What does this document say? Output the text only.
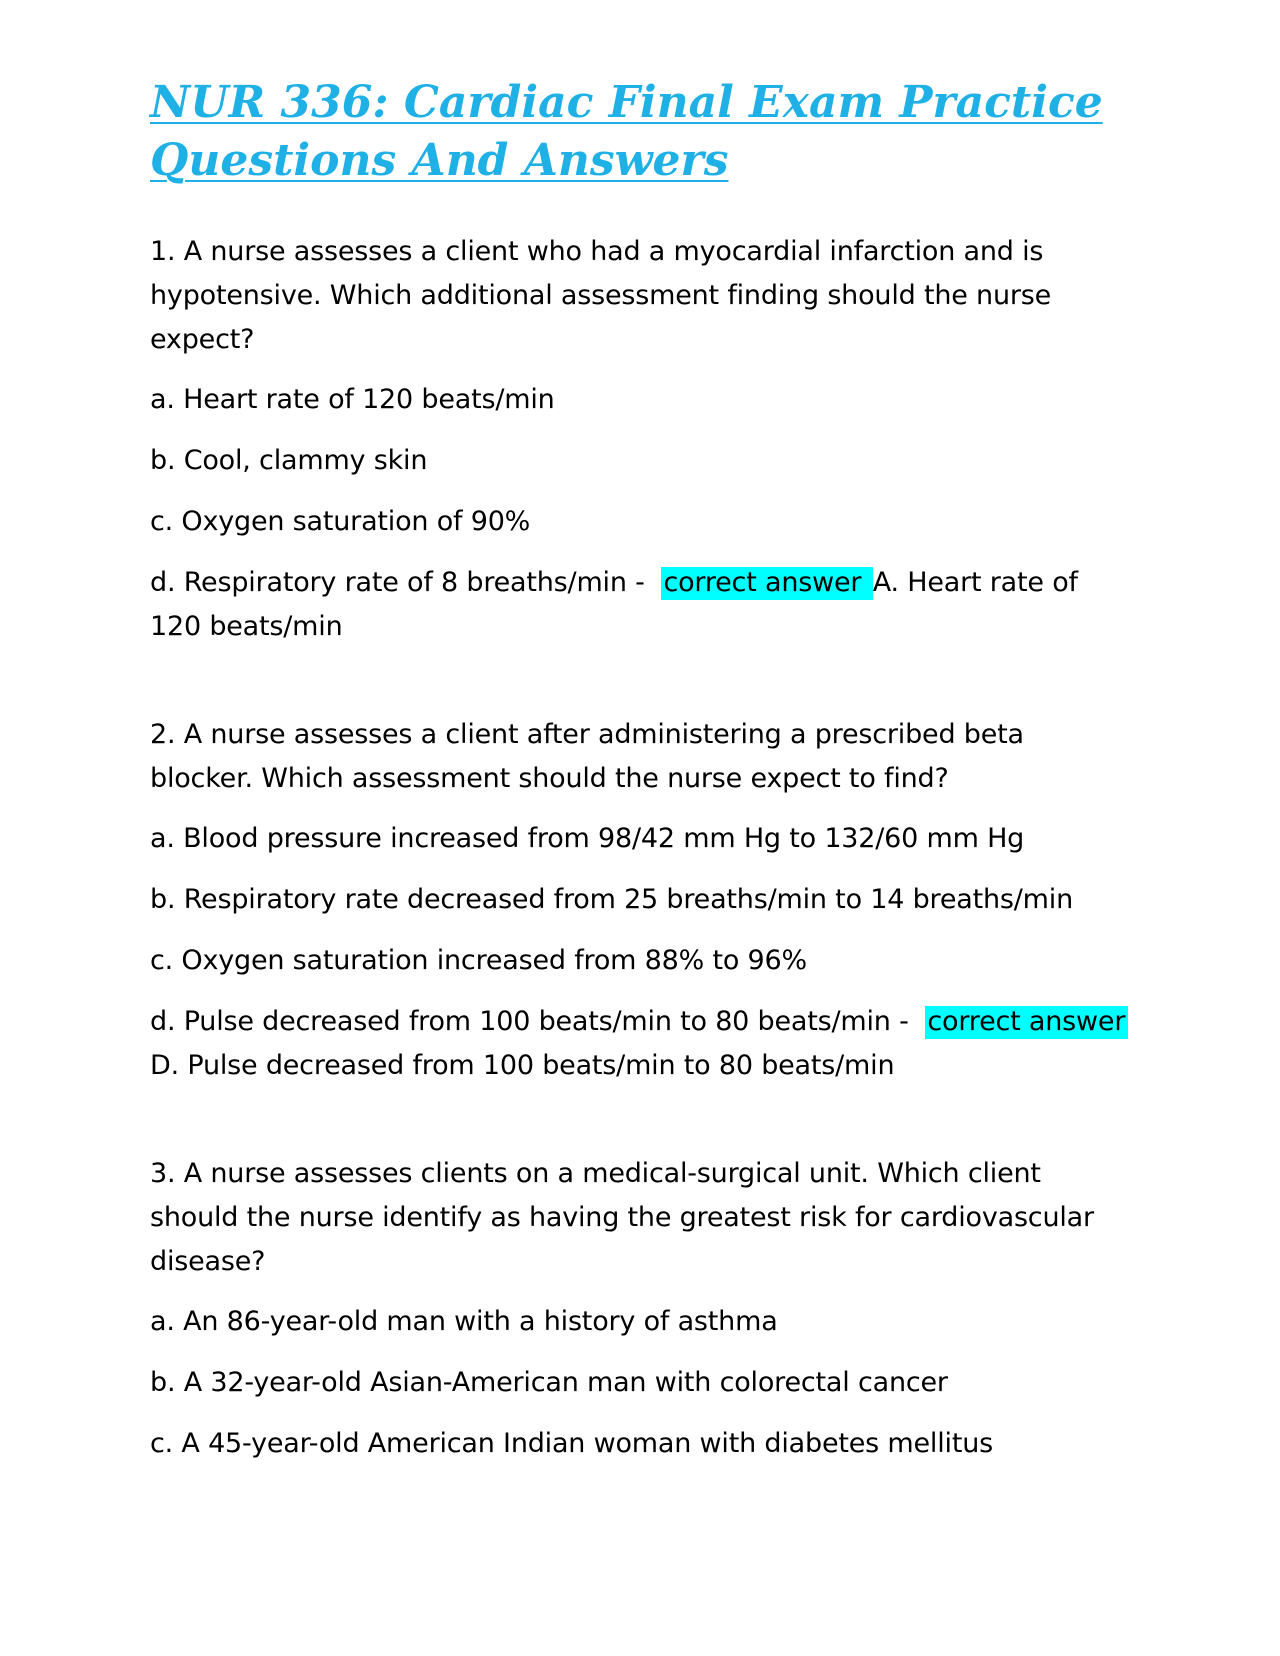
NUR 336: Cardiac Final Exam Practice Questions And Answers

1. A nurse assesses a client who had a myocardial infarction and is hypotensive. Which additional assessment finding should the nurse expect?

a. Heart rate of 120 beats/min

b. Cool, clammy skin

c. Oxygen saturation of 90%

d. Respiratory rate of 8 breaths/min - correct answer A. Heart rate of 120 beats/min

2. A nurse assesses a client after administering a prescribed beta blocker. Which assessment should the nurse expect to find?

a. Blood pressure increased from 98/42 mm Hg to 132/60 mm Hg

b. Respiratory rate decreased from 25 breaths/min to 14 breaths/min

c. Oxygen saturation increased from 88% to 96%

d. Pulse decreased from 100 beats/min to 80 beats/min - correct answer D. Pulse decreased from 100 beats/min to 80 beats/min

3. A nurse assesses clients on a medical-surgical unit. Which client should the nurse identify as having the greatest risk for cardiovascular disease?

a. An 86-year-old man with a history of asthma

b. A 32-year-old Asian-American man with colorectal cancer

c. A 45-year-old American Indian woman with diabetes mellitus
